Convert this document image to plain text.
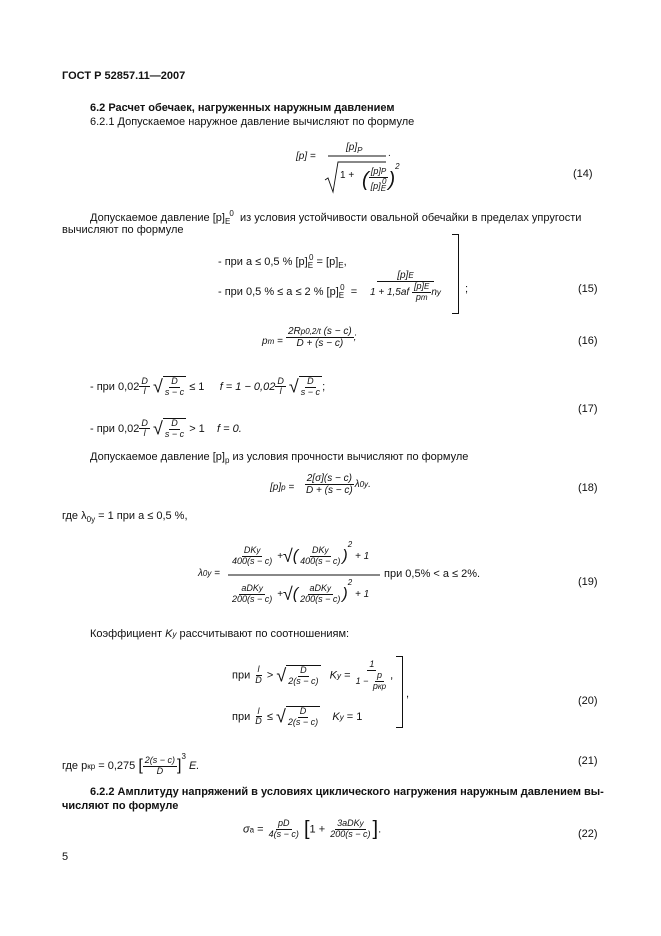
ГОСТ Р 52857.11—2007
6.2 Расчет обечаек, нагруженных наружным давлением
6.2.1 Допускаемое наружное давление вычисляют по формуле
[p] =
$[p]_P$
1 + ( $\frac{[p]P}{[p]E0} )^2$
.
(14)
Допускаемое давление $[p]_E$ $^0$ из условия устойчивости овальной обечайки в пределах упругости
вычисляют по формуле
- при a ≤ 0,5 % $[p]_E^0 = [p]_E$,
- при 0,5 % ≤ a ≤ 2 % $[p]_E^0 = \frac{[p]E}{1 + 1,5af \frac{[p]E}{pт} ny}$ ;	(15)
pт = $\frac{2Rp0,2/t (s - c)}{D + (s - c)}$ ;	(16)
- при $0,02 \frac{D}{l}$ √ $\frac{D}{s - c} \le 1$ $f = 1 - 0,02 \frac{D}{l}$ √ $\frac{D}{s - c}$ ;
(17)
- при $0,02 \frac{D}{l}$ √ $\frac{D}{s - c} > 1$ f = 0.
Допускаемое давление $[p]_p$ из условия прочности вычисляют по формуле
$[p]p = \frac{2[\sigma](s - c)}{D + (s - c)} \lambda 0y$.	(18)
где $\lambda_{0y} = 1$ при a ≤ 0,5 %,
λ0y =
$\frac{\text{DKy}}{400(s - c)}$ +√( $\frac{\text{DKy}}{400(s - c)} )^2 + 1$
$\frac{\text{aDKy}}{200(s - c)}$ +√( $\frac{\text{aDKy}}{200(s - c)} )^2 + 1$
при 0,5% < a ≤ 2%.
(19)
Коэффициент Ky рассчитывают по соотношениям:
при $\frac{l}{D}$ > √ $\frac{D}{2(s - c)}$ $Ky = \frac{1}{1 - \frac{p}{\text{pкр}}}$ ,
при $\frac{l}{D}$ ≤ √ $\frac{D}{2(s - c)}$ Ky = 1
,
(20)
где pкр = 0,275 [ $\frac{2(s - c)}{D} ]^3$ E.	(21)
6.2.2 Амплитуду напряжений в условиях циклического нагружения наружным давлением вы-
числяют по формуле
$\sigma a = \frac{pD}{4(s - c)} [1 + \frac{\text{3aDKy}}{200(s - c)}$ ].	(22)
5
